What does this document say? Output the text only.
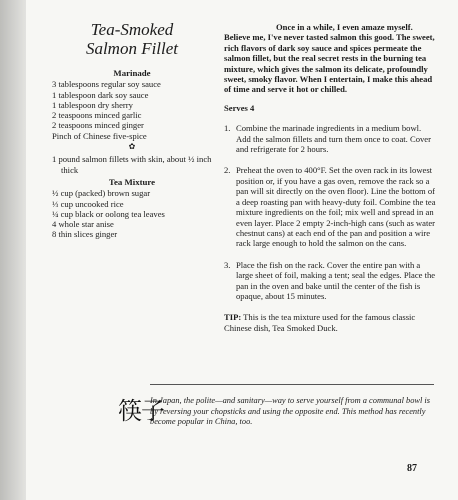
Tea-Smoked
Salmon Fillet
Marinade
3 tablespoons regular soy sauce
1 tablespoon dark soy sauce
1 tablespoon dry sherry
2 teaspoons minced garlic
2 teaspoons minced ginger
Pinch of Chinese five-spice
✿
1 pound salmon fillets with skin, about ½ inch thick
Tea Mixture
½ cup (packed) brown sugar
⅓ cup uncooked rice
¼ cup black or oolong tea leaves
4 whole star anise
8 thin slices ginger

Once in a while, I even amaze myself. Believe me, I've never tasted salmon this good. The sweet, rich flavors of dark soy sauce and spices permeate the salmon fillet, but the real secret rests in the burning tea mixture, which gives the salmon its delicate, profoundly sweet, smoky flavor. When I entertain, I make this ahead of time and serve it hot or chilled.

Serves 4
1. Combine the marinade ingredients in a medium bowl. Add the salmon fillets and turn them once to coat. Cover and refrigerate for 2 hours.
2. Preheat the oven to 400°F. Set the oven rack in its lowest position or, if you have a gas oven, remove the rack so a pan will sit directly on the oven floor). Line the bottom of a deep roasting pan with heavy-duty foil. Combine the tea mixture ingredients on the foil; mix well and spread in an even layer. Place 2 empty 2-inch-high cans (such as water chestnut cans) at each end of the pan and position a wire rack large enough to hold the salmon on the cans.
3. Place the fish on the rack. Cover the entire pan with a large sheet of foil, making a tent; seal the edges. Place the pan in the oven and bake until the center of the fish is opaque, about 15 minutes.
TIP: This is the tea mixture used for the famous classic Chinese dish, Tea Smoked Duck.
筷子
In Japan, the polite—and sanitary—way to serve yourself from a communal bowl is by reversing your chopsticks and using the opposite end. This method has recently become popular in China, too.
87
